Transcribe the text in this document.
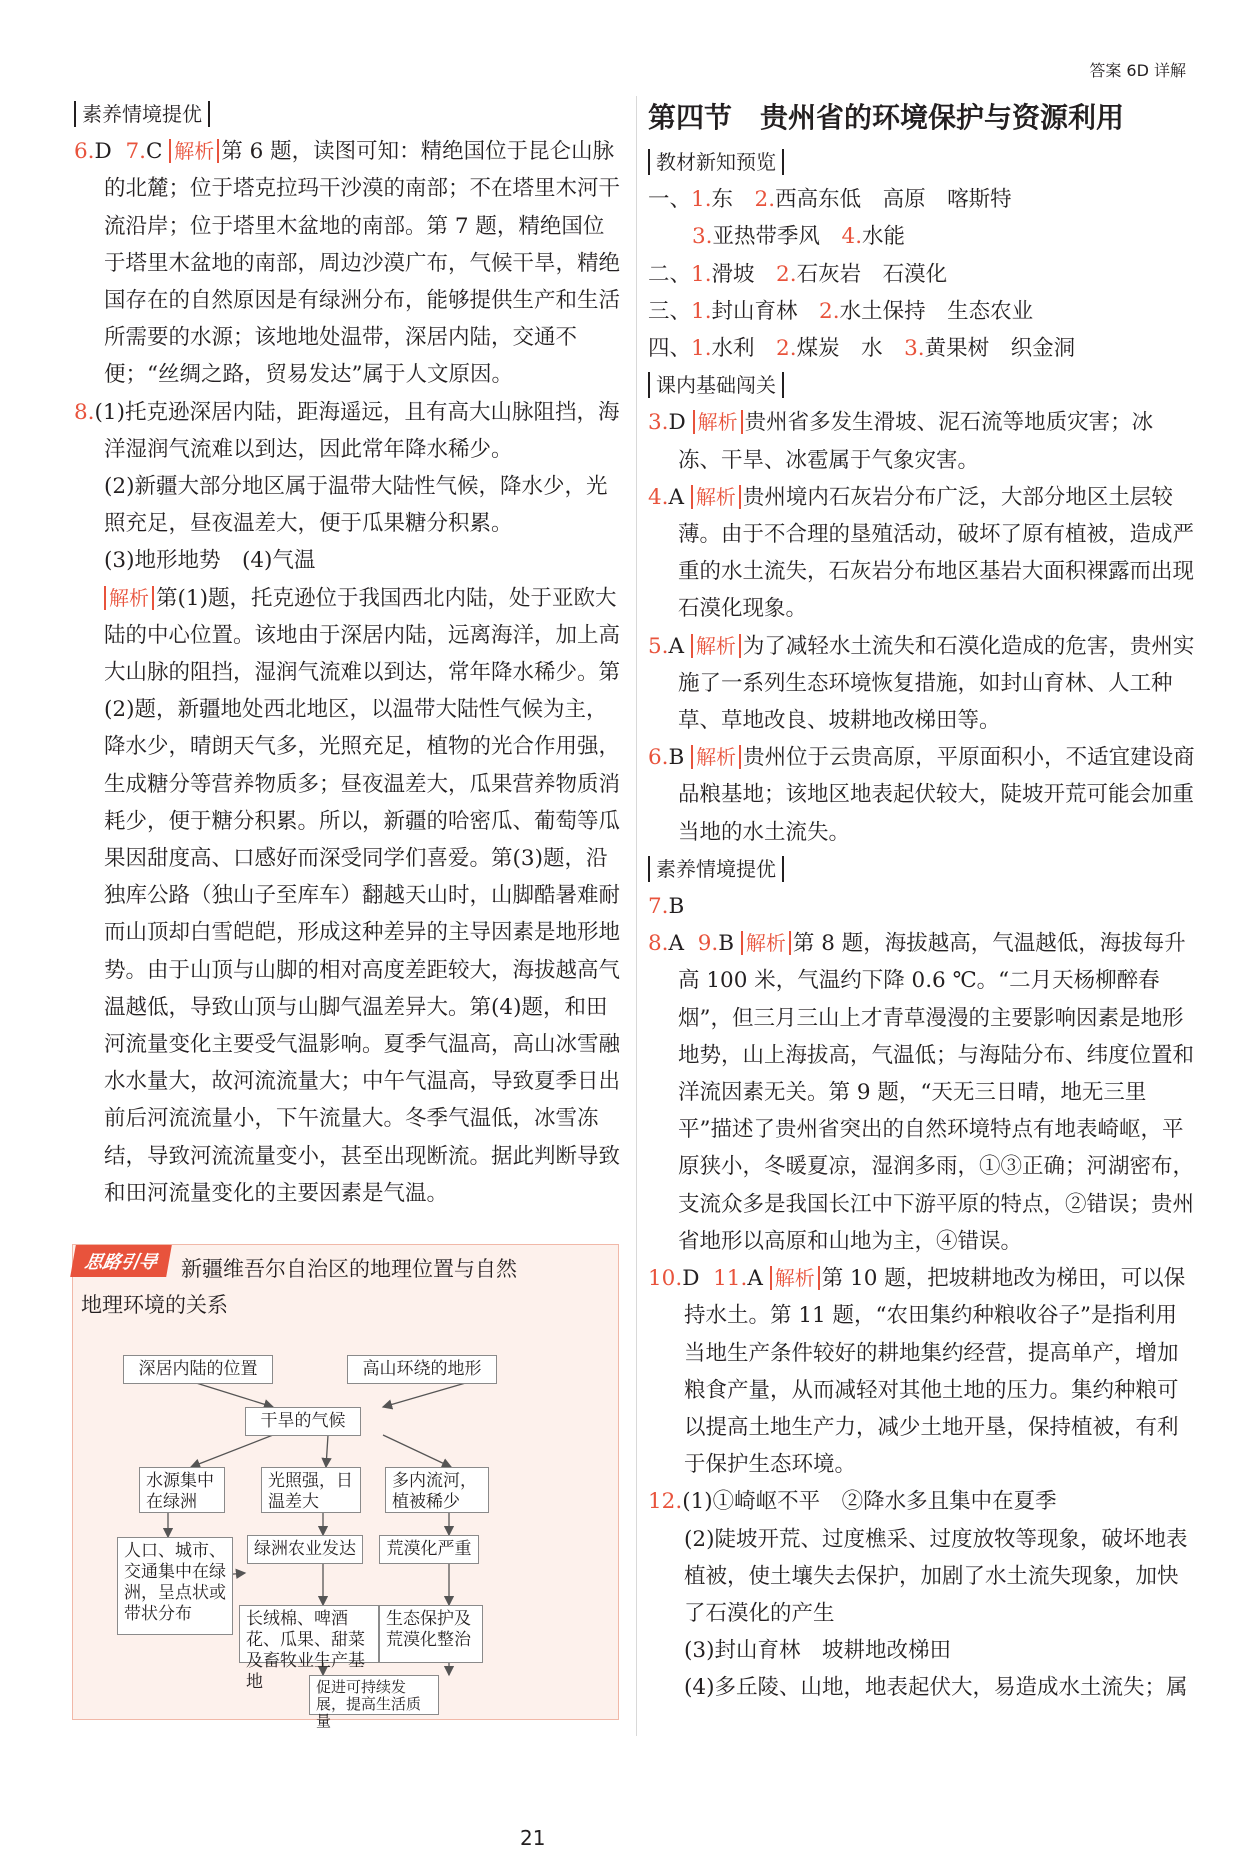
答案 6D 详解
素养情境提优

6.D 7.C 解析 第 6 题，读图可知：精绝国位于昆仑山脉的北麓；位于塔克拉玛干沙漠的南部；不在塔里木河干流沿岸；位于塔里木盆地的南部。第 7 题，精绝国位于塔里木盆地的南部，周边沙漠广布，气候干旱，精绝国存在的自然原因是有绿洲分布，能够提供生产和生活所需要的水源；该地地处温带，深居内陆，交通不便；“丝绸之路，贸易发达”属于人文原因。

8.(1)托克逊深居内陆，距海遥远，且有高大山脉阻挡，海洋湿润气流难以到达，因此常年降水稀少。

(2)新疆大部分地区属于温带大陆性气候，降水少，光照充足，昼夜温差大，便于瓜果糖分积累。

(3)地形地势　(4)气温

解析 第(1)题，托克逊位于我国西北内陆，处于亚欧大陆的中心位置。该地由于深居内陆，远离海洋，加上高大山脉的阻挡，湿润气流难以到达，常年降水稀少。第(2)题，新疆地处西北地区，以温带大陆性气候为主，降水少，晴朗天气多，光照充足，植物的光合作用强，生成糖分等营养物质多；昼夜温差大，瓜果营养物质消耗少，便于糖分积累。所以，新疆的哈密瓜、葡萄等瓜果因甜度高、口感好而深受同学们喜爱。第(3)题，沿独库公路（独山子至库车）翻越天山时，山脚酷暑难耐而山顶却白雪皑皑，形成这种差异的主导因素是地形地势。由于山顶与山脚的相对高度差距较大，海拔越高气温越低，导致山顶与山脚气温差异大。第(4)题，和田河流量变化主要受气温影响。夏季气温高，高山冰雪融水水量大，故河流流量大；中午气温高，导致夏季日出前后河流流量小，下午流量大。冬季气温低，冰雪冻结，导致河流流量变小，甚至出现断流。据此判断导致和田河流量变化的主要因素是气温。

思路引导	新疆维吾尔自治区的地理位置与自然
地理环境的关系
深居内陆的位置	高山环绕的地形
干旱的气候
水源集中在绿洲
光照强，日温差大
多内流河，植被稀少
人口、城市、交通集中在绿洲，呈点状或带状分布
绿洲农业发达	荒漠化严重
长绒棉、啤酒花、瓜果、甜菜及畜牧业生产基地
生态保护及荒漠化整治
促进可持续发展，提高生活质量
第四节　贵州省的环境保护与资源利用
教材新知预览

一、1.东　2.西高东低　高原　喀斯特

3.亚热带季风　4.水能

二、1.滑坡　2.石灰岩　石漠化

三、1.封山育林　2.水土保持　生态农业

四、1.水利　2.煤炭　水　3.黄果树　织金洞

课内基础闯关

3.D 解析 贵州省多发生滑坡、泥石流等地质灾害；冰冻、干旱、冰雹属于气象灾害。

4.A 解析 贵州境内石灰岩分布广泛，大部分地区土层较薄。由于不合理的垦殖活动，破坏了原有植被，造成严重的水土流失，石灰岩分布地区基岩大面积裸露而出现石漠化现象。

5.A 解析 为了减轻水土流失和石漠化造成的危害，贵州实施了一系列生态环境恢复措施，如封山育林、人工种草、草地改良、坡耕地改梯田等。

6.B 解析 贵州位于云贵高原，平原面积小，不适宜建设商品粮基地；该地区地表起伏较大，陡坡开荒可能会加重当地的水土流失。

素养情境提优

7.B

8.A 9.B 解析 第 8 题，海拔越高，气温越低，海拔每升高 100 米，气温约下降 0.6 ℃。“二月天杨柳醉春烟”，但三月三山上才青草漫漫的主要影响因素是地形地势，山上海拔高，气温低；与海陆分布、纬度位置和洋流因素无关。第 9 题，“天无三日晴，地无三里平”描述了贵州省突出的自然环境特点有地表崎岖，平原狭小，冬暖夏凉，湿润多雨，①③正确；河湖密布，支流众多是我国长江中下游平原的特点，②错误；贵州省地形以高原和山地为主，④错误。

10.D 11.A 解析 第 10 题，把坡耕地改为梯田，可以保持水土。第 11 题，“农田集约种粮收谷子”是指利用当地生产条件较好的耕地集约经营，提高单产，增加粮食产量，从而减轻对其他土地的压力。集约种粮可以提高土地生产力，减少土地开垦，保持植被，有利于保护生态环境。

12.(1)①崎岖不平　②降水多且集中在夏季

(2)陡坡开荒、过度樵采、过度放牧等现象，破坏地表植被，使土壤失去保护，加剧了水土流失现象，加快了石漠化的产生

(3)封山育林　坡耕地改梯田

(4)多丘陵、山地，地表起伏大，易造成水土流失；属

21
